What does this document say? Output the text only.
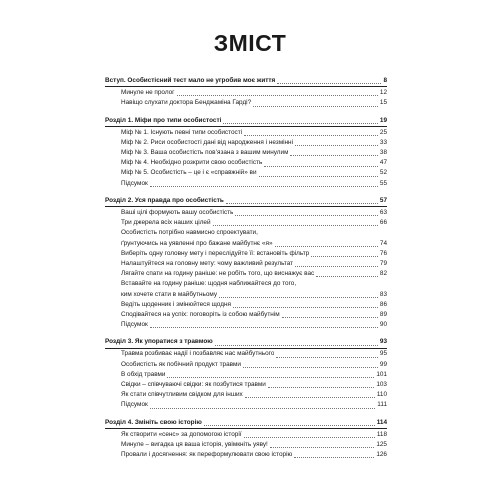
ЗМІСТ
Вступ. Особистісний тест мало не угробив моє життя	8
Минуле не пролог	12
Навіщо слухати доктора Бенджаміна Гарді?	15
Розділ 1. Міфи про типи особистості	19
Міф № 1. Існують певні типи особистості	25
Міф № 2. Риси особистості дані від народження і незмінні	33
Міф № 3. Ваша особистість пов’язана з вашим минулим	38
Міф № 4. Необхідно розкрити свою особистість	47
Міф № 5. Особистість – це і є «справжній» ви	52
Підсумок	55
Розділ 2. Уся правда про особистість	57
Ваші цілі формують вашу особистість	63
Три джерела всіх наших цілей	66
Особистість потрібно навмисно спроектувати,
ґрунтуючись на уявленні про бажане майбутнє «я»	74
Виберіть одну головну мету і переслідуйте її: встановіть фільтр	76
Налаштуйтеся на головну мету: чому важливий результат	79
Лягайте спати на годину раніше: не робіть того, що виснажує вас	82
Вставайте на годину раніше: щодня наближайтеся до того,
ким хочете стати в майбутньому	83
Ведіть щоденник і змінюйтеся щодня	86
Сподівайтеся на успіх: поговоріть із собою майбутнім	89
Підсумок	90
Розділ 3. Як упоратися з травмою	93
Травма розбиває надії і позбавляє нас майбутнього	95
Особистість як побічний продукт травми	99
В обхід травми	101
Свідки – співчуваючі свідки: як позбутися травми	103
Як стати співчутливим свідком для інших	110
Підсумок	111
Розділ 4. Змініть свою історію	114
Як створити «сенс» за допомогою історії	118
Минуле – вигадка ця ваша історія, увімкніть уяву!	125
Провали і досягнення: як переформулювати свою історію	126
